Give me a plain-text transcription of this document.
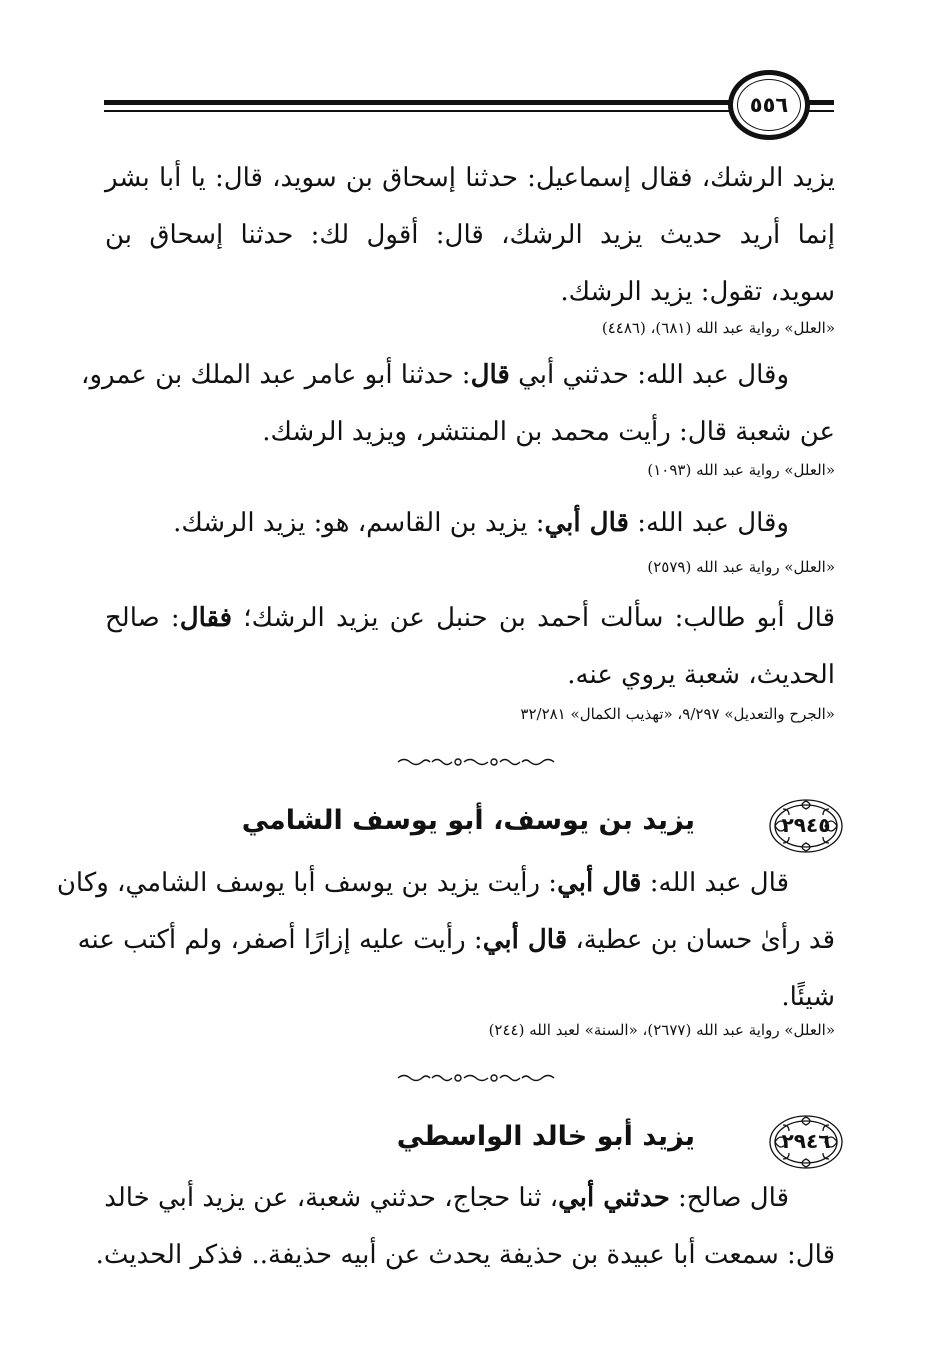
٥٥٦

يزيد الرشك، فقال إسماعيل: حدثنا إسحاق بن سويد، قال: يا أبا بشر
إنما أريد حديث يزيد الرشك، قال: أقول لك: حدثنا إسحاق بن
سويد، تقول: يزيد الرشك.

«العلل» رواية عبد الله (٦٨١)، (٤٤٨٦)

وقال عبد الله: حدثني أبي قال: حدثنا أبو عامر عبد الملك بن عمرو،
عن شعبة قال: رأيت محمد بن المنتشر، ويزيد الرشك.

«العلل» رواية عبد الله (١٠٩٣)

وقال عبد الله: قال أبي: يزيد بن القاسم، هو: يزيد الرشك.

«العلل» رواية عبد الله (٢٥٧٩)

قال أبو طالب: سألت أحمد بن حنبل عن يزيد الرشك؛ فقال: صالح
الحديث، شعبة يروي عنه.

«الجرح والتعديل» ٩/٢٩٧، «تهذيب الكمال» ٣٢/٢٨١

٢٩٤٥
يزيد بن يوسف، أبو يوسف الشامي

قال عبد الله: قال أبي: رأيت يزيد بن يوسف أبا يوسف الشامي، وكان
قد رأىٰ حسان بن عطية، قال أبي: رأيت عليه إزارًا أصفر، ولم أكتب عنه
شيئًا.

«العلل» رواية عبد الله (٢٦٧٧)، «السنة» لعبد الله (٢٤٤)

٢٩٤٦
يزيد أبو خالد الواسطي

قال صالح: حدثني أبي، ثنا حجاج، حدثني شعبة، عن يزيد أبي خالد
قال: سمعت أبا عبيدة بن حذيفة يحدث عن أبيه حذيفة.. فذكر الحديث.
